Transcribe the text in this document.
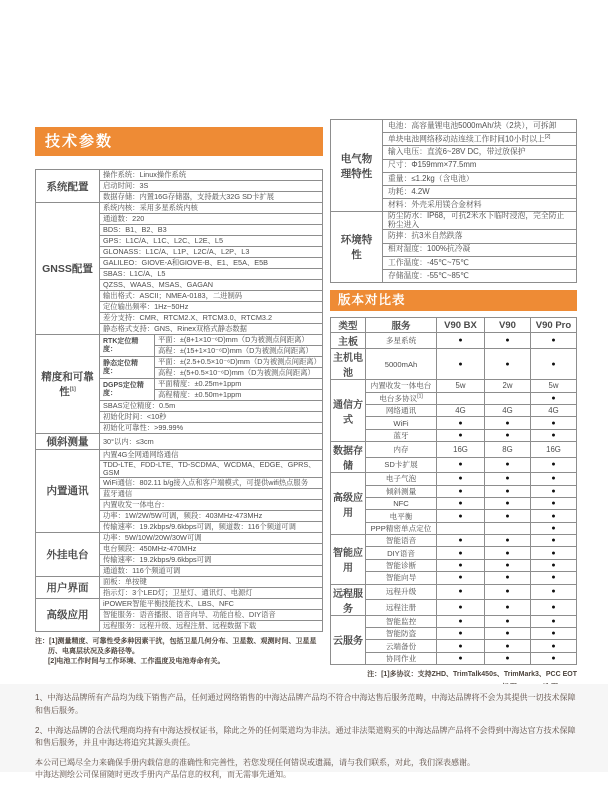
技术参数
系统配置	操作系统：Linux操作系统	
	启动时间：3S	
	数据存储：内置16G存储器，支持最大32G SD卡扩展	
GNSS配置	系统内核：采用多星系统内核	
	通道数：220	
	BDS：B1、B2、B3	
	GPS：L1C/A、L1C、L2C、L2E、L5	
	GLONASS：L1C/A、L1P、L2C/A、L2P、L3	
	GALILEO：GIOVE-A和GIOVE-B、E1、E5A、E5B	
	SBAS：L1C/A、L5	
	QZSS、WAAS、MSAS、GAGAN	
	输出格式：ASCII；NMEA-0183，二进制码	
	定位输出频率：1Hz~50Hz	
	差分支持：CMR、RTCM2.X、RTCM3.0、RTCM3.2	
	静态格式支持：GNS、Rinex双格式静态数据	
精度和可靠性[1]	RTK定位精度：	平面：±(8+1×10⁻⁶D)mm（D为被测点间距离）
		高程：±(15+1×10⁻⁶D)mm（D为被测点间距离）
	静态定位精度：	平面：±(2.5+0.5×10⁻⁶D)mm（D为被测点间距离）
		高程：±(5+0.5×10⁻⁶D)mm（D为被测点间距离）
	DGPS定位精度：	平面精度：±0.25m+1ppm
		高程精度：±0.50m+1ppm
	SBAS定位精度：0.5m	
	初始化时间：<10秒	
	初始化可靠性：>99.99%	
倾斜测量	30°以内：≤3cm	
内置通讯	内置4G全网通网络通信	
	TDD-LTE、FDD-LTE、TD-SCDMA、WCDMA、EDGE、GPRS、GSM	
	WiFi通信：802.11 b/g接入点和客户端模式，可提供wifi热点服务	
	蓝牙通信	
	内置收发一体电台：	
	功率：1W/2W/5W可调，频段：403MHz-473MHz	
	传输速率：19.2kbps/9.6kbps可调，频道数：116个频道可调	
外挂电台	功率：5W/10W/20W/30W可调	
	电台频段：450MHz-470MHz	
	传输速率：19.2kbps/9.6kbps可调	
	通道数：116个频道可调	
用户界面	面板：单按键	
	指示灯：3个LED灯；卫星灯、通讯灯、电源灯	
高级应用	iPOWER智能平衡技能技术、LBS、NFC	
	智能服务：语音播报、语音向导、功能自检、DIY语音	
	远程服务：远程升级、远程注册、远程数据下载	
注：[1]测量精度、可靠性受多种因素干扰，包括卫星几何分布、卫星数、观测时间、卫星星历、电离层状况及多路径等。
[2]电池工作时间与工作环境、工作温度及电池寿命有关。
电气物理特性	电池：高容量锂电池5000mAh/块（2块），可拆卸
	单块电池网络移动站连续工作时间10小时以上[2]
	输入电压：直流6~28V DC，带过放保护
	尺寸：Φ159mm×77.5mm
	重量：≤1.2kg（含电池）
	功耗：4.2W
	材料：外壳采用镁合金材料
环境特性	防尘防水：IP68，可抗2米水下临时浸泡，完全防止粉尘进入
	防摔：抗3米自然跌落
	相对湿度：100%抗冷凝
	工作温度：-45℃~75℃
	存储温度：-55℃~85℃
版本对比表
类型	服务	V90 BX	V90	V90 Pro
主板	多星系统	●	●	●
主机电池	5000mAh	●	●	●
通信方式	内置收发一体电台	5w	2w	5w
	电台多协议[1]			●
	网络通讯	4G	4G	4G
	WiFi	●	●	●
	蓝牙	●	●	●
数据存储	内存	16G	8G	16G
	SD卡扩展	●	●	●
高级应用	电子气泡	●	●	●
	倾斜测量	●	●	●
	NFC	●	●	●
	电平衡	●	●	●
	PPP精密单点定位			●
智能应用	智能语音	●	●	●
	DIY语音	●	●	●
	智能诊断	●	●	●
	智能向导	●	●	●
远程服务	远程升级	●	●	●
	远程注册	●	●	●
云服务	智能监控	●	●	●
	智能防盗	●	●	●
	云端备份	●	●	●
	协同作业	●	●	●
注：[1]多协议：支持ZHD、TrimTalk450s、TrimMark3、PCC EOT

1、中海达品牌所有产品均为线下销售产品，任何通过网络销售的中海达品牌产品均不符合中海达售后服务范畴，中海达品牌将不会为其提供一切技术保障和售后服务。

2、中海达品牌的合法代理商均持有中海达授权证书，除此之外的任何渠道均为非法。通过非法渠道购买的中海达品牌产品将不会得到中海达官方技术保障和售后服务，并且中海达将追究其源头责任。

本公司已竭尽全力来确保手册内载信息的准确性和完善性，若您发现任何错误或遗漏，请与我们联系，对此，我们深表感谢。

中海达测绘公司保留随时更改手册内产品信息的权利，而无需事先通知。
